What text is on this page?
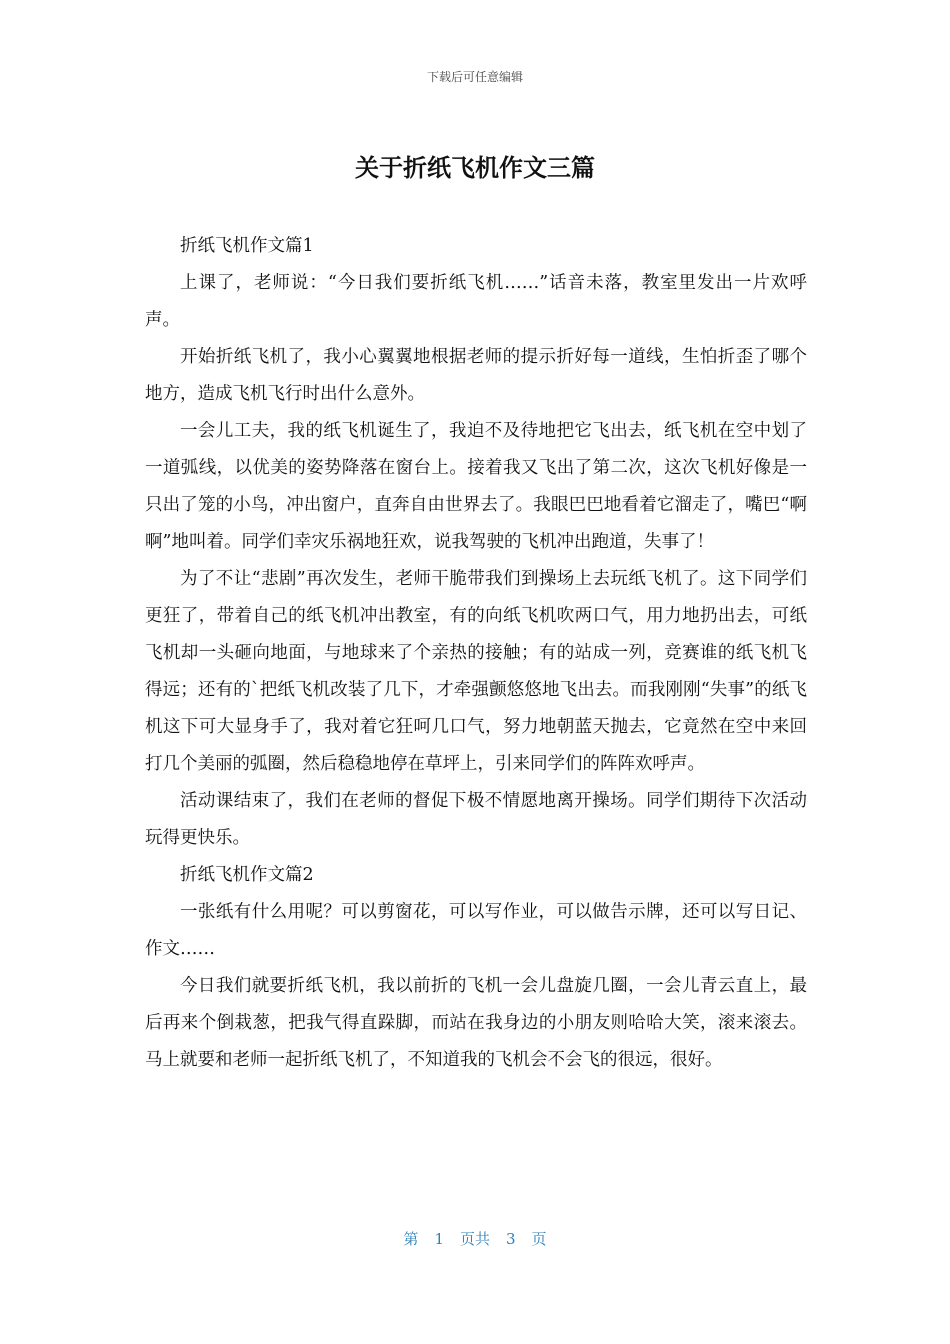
下载后可任意编辑
关于折纸飞机作文三篇

折纸飞机作文篇1

上课了，老师说：“今日我们要折纸飞机……”话音未落，教室里发出一片欢呼声。

开始折纸飞机了，我小心翼翼地根据老师的提示折好每一道线，生怕折歪了哪个地方，造成飞机飞行时出什么意外。

一会儿工夫，我的纸飞机诞生了，我迫不及待地把它飞出去，纸飞机在空中划了一道弧线，以优美的姿势降落在窗台上。接着我又飞出了第二次，这次飞机好像是一只出了笼的小鸟，冲出窗户，直奔自由世界去了。我眼巴巴地看着它溜走了，嘴巴“啊啊”地叫着。同学们幸灾乐祸地狂欢，说我驾驶的飞机冲出跑道，失事了！

为了不让“悲剧”再次发生，老师干脆带我们到操场上去玩纸飞机了。这下同学们更狂了，带着自己的纸飞机冲出教室，有的向纸飞机吹两口气，用力地扔出去，可纸飞机却一头砸向地面，与地球来了个亲热的接触；有的站成一列，竞赛谁的纸飞机飞得远；还有的`把纸飞机改装了几下，才牵强颤悠悠地飞出去。而我刚刚“失事”的纸飞机这下可大显身手了，我对着它狂呵几口气，努力地朝蓝天抛去，它竟然在空中来回打几个美丽的弧圈，然后稳稳地停在草坪上，引来同学们的阵阵欢呼声。

活动课结束了，我们在老师的督促下极不情愿地离开操场。同学们期待下次活动玩得更快乐。

折纸飞机作文篇2

一张纸有什么用呢？可以剪窗花，可以写作业，可以做告示牌，还可以写日记、作文……

今日我们就要折纸飞机，我以前折的飞机一会儿盘旋几圈，一会儿青云直上，最后再来个倒栽葱，把我气得直跺脚，而站在我身边的小朋友则哈哈大笑，滚来滚去。马上就要和老师一起折纸飞机了，不知道我的飞机会不会飞的很远，很好。

第 1 页共 3 页
